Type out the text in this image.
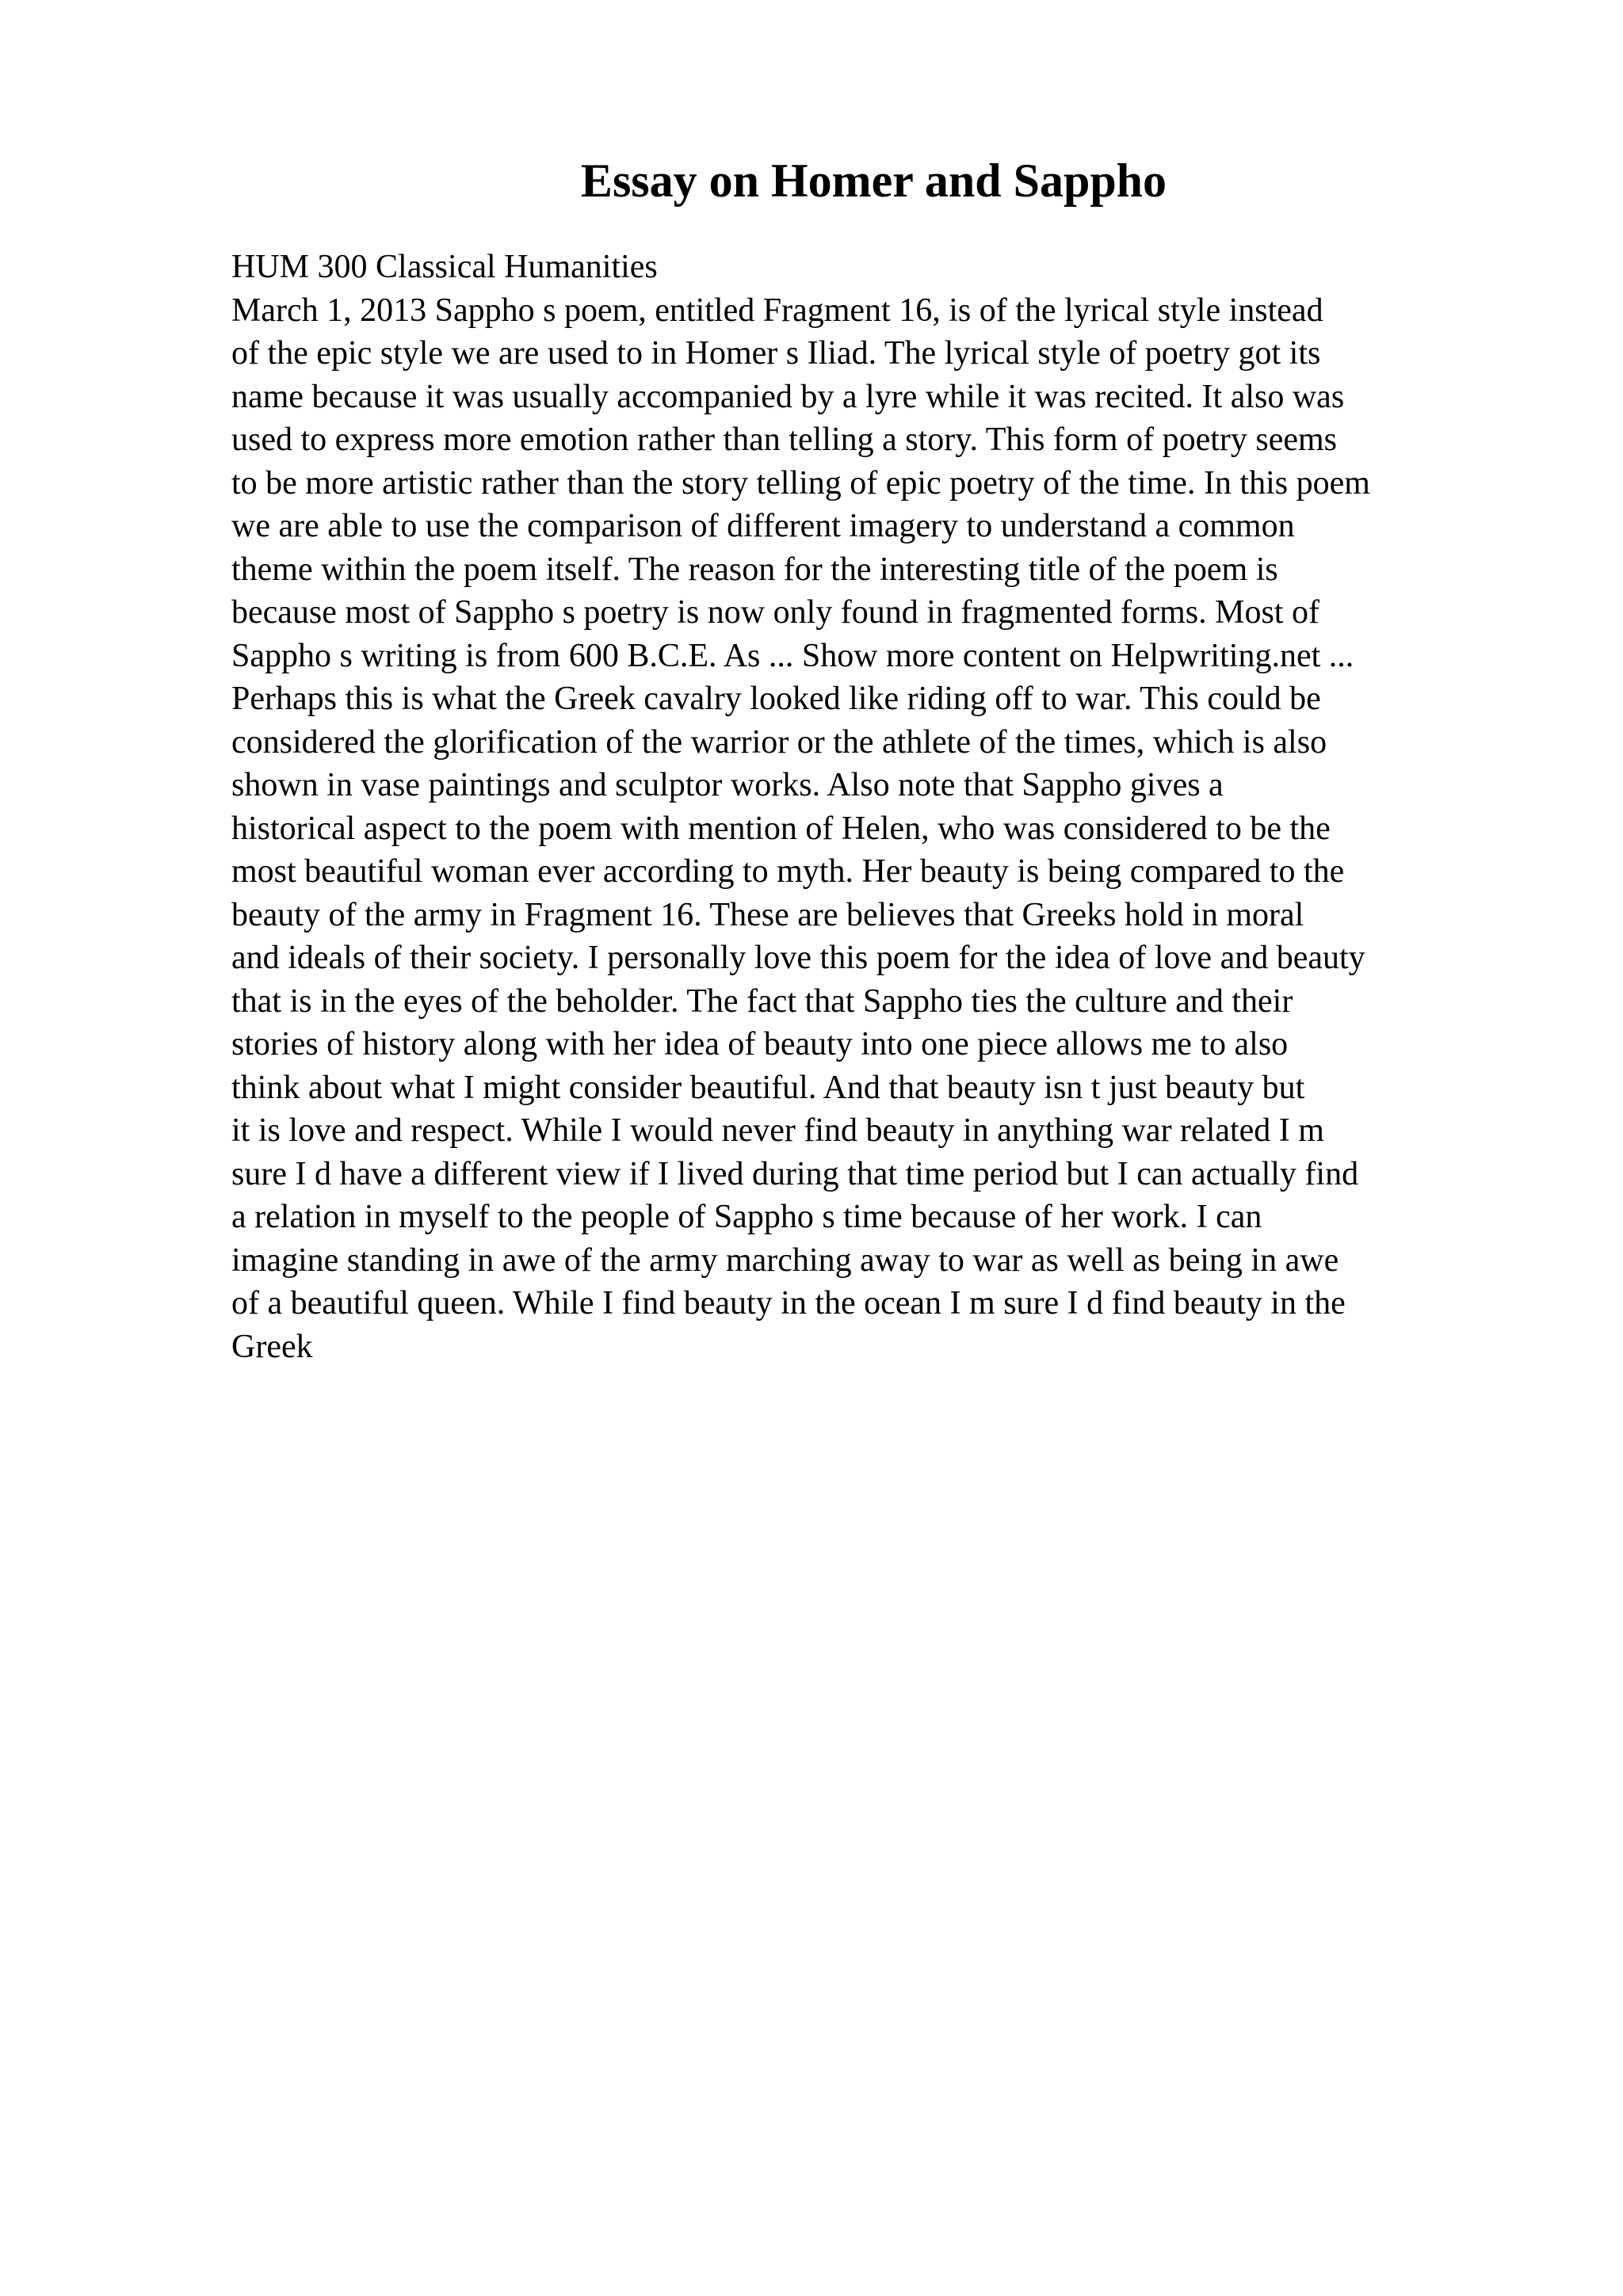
Essay on Homer and Sappho
HUM 300 Classical Humanities
March 1, 2013 Sappho s poem, entitled Fragment 16, is of the lyrical style instead
of the epic style we are used to in Homer s Iliad. The lyrical style of poetry got its
name because it was usually accompanied by a lyre while it was recited. It also was
used to express more emotion rather than telling a story. This form of poetry seems
to be more artistic rather than the story telling of epic poetry of the time. In this poem
we are able to use the comparison of different imagery to understand a common
theme within the poem itself. The reason for the interesting title of the poem is
because most of Sappho s poetry is now only found in fragmented forms. Most of
Sappho s writing is from 600 B.C.E. As ... Show more content on Helpwriting.net ...
Perhaps this is what the Greek cavalry looked like riding off to war. This could be
considered the glorification of the warrior or the athlete of the times, which is also
shown in vase paintings and sculptor works. Also note that Sappho gives a
historical aspect to the poem with mention of Helen, who was considered to be the
most beautiful woman ever according to myth. Her beauty is being compared to the
beauty of the army in Fragment 16. These are believes that Greeks hold in moral
and ideals of their society. I personally love this poem for the idea of love and beauty
that is in the eyes of the beholder. The fact that Sappho ties the culture and their
stories of history along with her idea of beauty into one piece allows me to also
think about what I might consider beautiful. And that beauty isn t just beauty but
it is love and respect. While I would never find beauty in anything war related I m
sure I d have a different view if I lived during that time period but I can actually find
a relation in myself to the people of Sappho s time because of her work. I can
imagine standing in awe of the army marching away to war as well as being in awe
of a beautiful queen. While I find beauty in the ocean I m sure I d find beauty in the
Greek
